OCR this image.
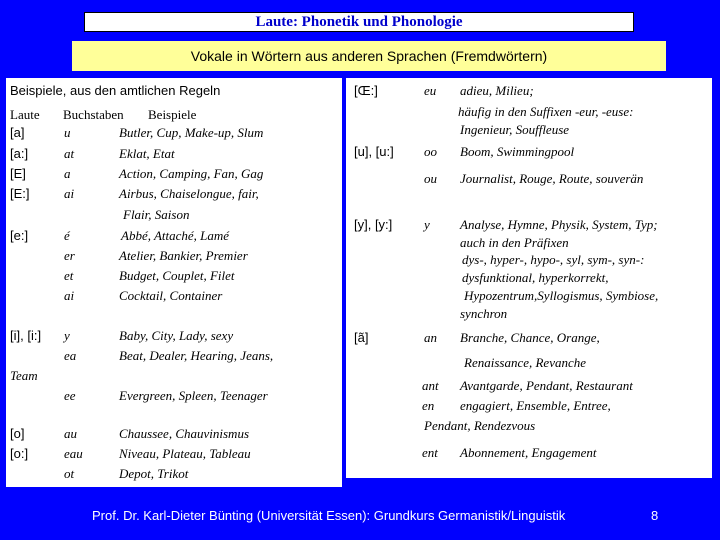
Laute: Phonetik und Phonologie
Vokale in Wörtern aus anderen Sprachen (Fremdwörtern)
Beispiele, aus den amtlichen Regeln
Laute Buchstaben Beispiele
[a]	u	Butler, Cup, Make-up, Slum
[a:]	at	Eklat, Etat
[E]	a	Action, Camping, Fan, Gag
[E:]	ai	Airbus, Chaiselongue, fair,
Flair, Saison
[e:]	é	Abbé, Attaché, Lamé
er	Atelier, Bankier, Premier
et	Budget, Couplet, Filet
ai	Cocktail, Container
[i], [i:] y	Baby, City, Lady, sexy
ea	Beat, Dealer, Hearing, Jeans,
Team
ee	Evergreen, Spleen, Teenager
[o]	au	Chaussee, Chauvinismus
[o:]	eau	Niveau, Plateau, Tableau
ot	Depot, Trikot
[Œ:]	eu adieu, Milieu;
häufig in den Suffixen -eur, -euse:
Ingenieur, Souffleuse
[u], [u:] oo Boom, Swimmingpool
ou Journalist, Rouge, Route, souverän
[y], [y:] y Analyse, Hymne, Physik, System, Typ;
auch in den Präfixen
dys-, hyper-, hypo-, syl, sym-, syn-:
dysfunktional, hyperkorrekt,
Hypozentrum,Syllogismus, Symbiose,
synchron
[ã]	an Branche, Chance, Orange,
Renaissance, Revanche
ant Avantgarde, Pendant, Restaurant
en engagiert, Ensemble, Entree,
Pendant, Rendezvous
ent Abonnement, Engagement
Prof. Dr. Karl-Dieter Bünting (Universität Essen): Grundkurs Germanistik/Linguistik	8
